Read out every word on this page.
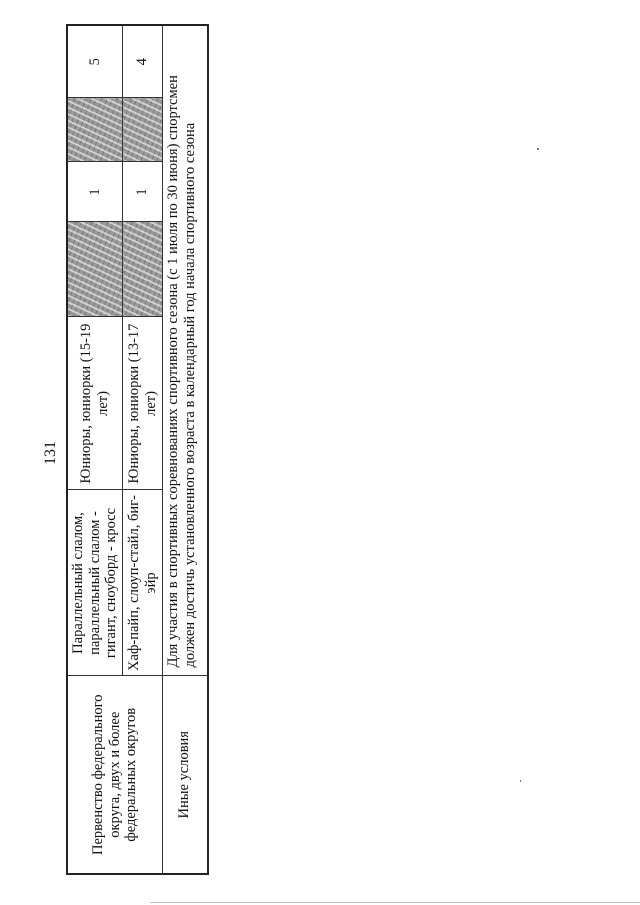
131
Первенство федерального округа, двух и более федеральных округов	Параллельный слалом, параллельный слалом - гигант, сноуборд - кросс	Юниоры, юниорки (15-19 лет)		1		5
	Хаф-пайп, слоуп-стайл, биг-эйр	Юниоры, юниорки (13-17 лет)		1		4
Иные условия	Для участия в спортивных соревнованиях спортивного сезона (с 1 июля по 30 июня) спортсмен должен достичь установленного возраста в календарный год начала спортивного сезона					
